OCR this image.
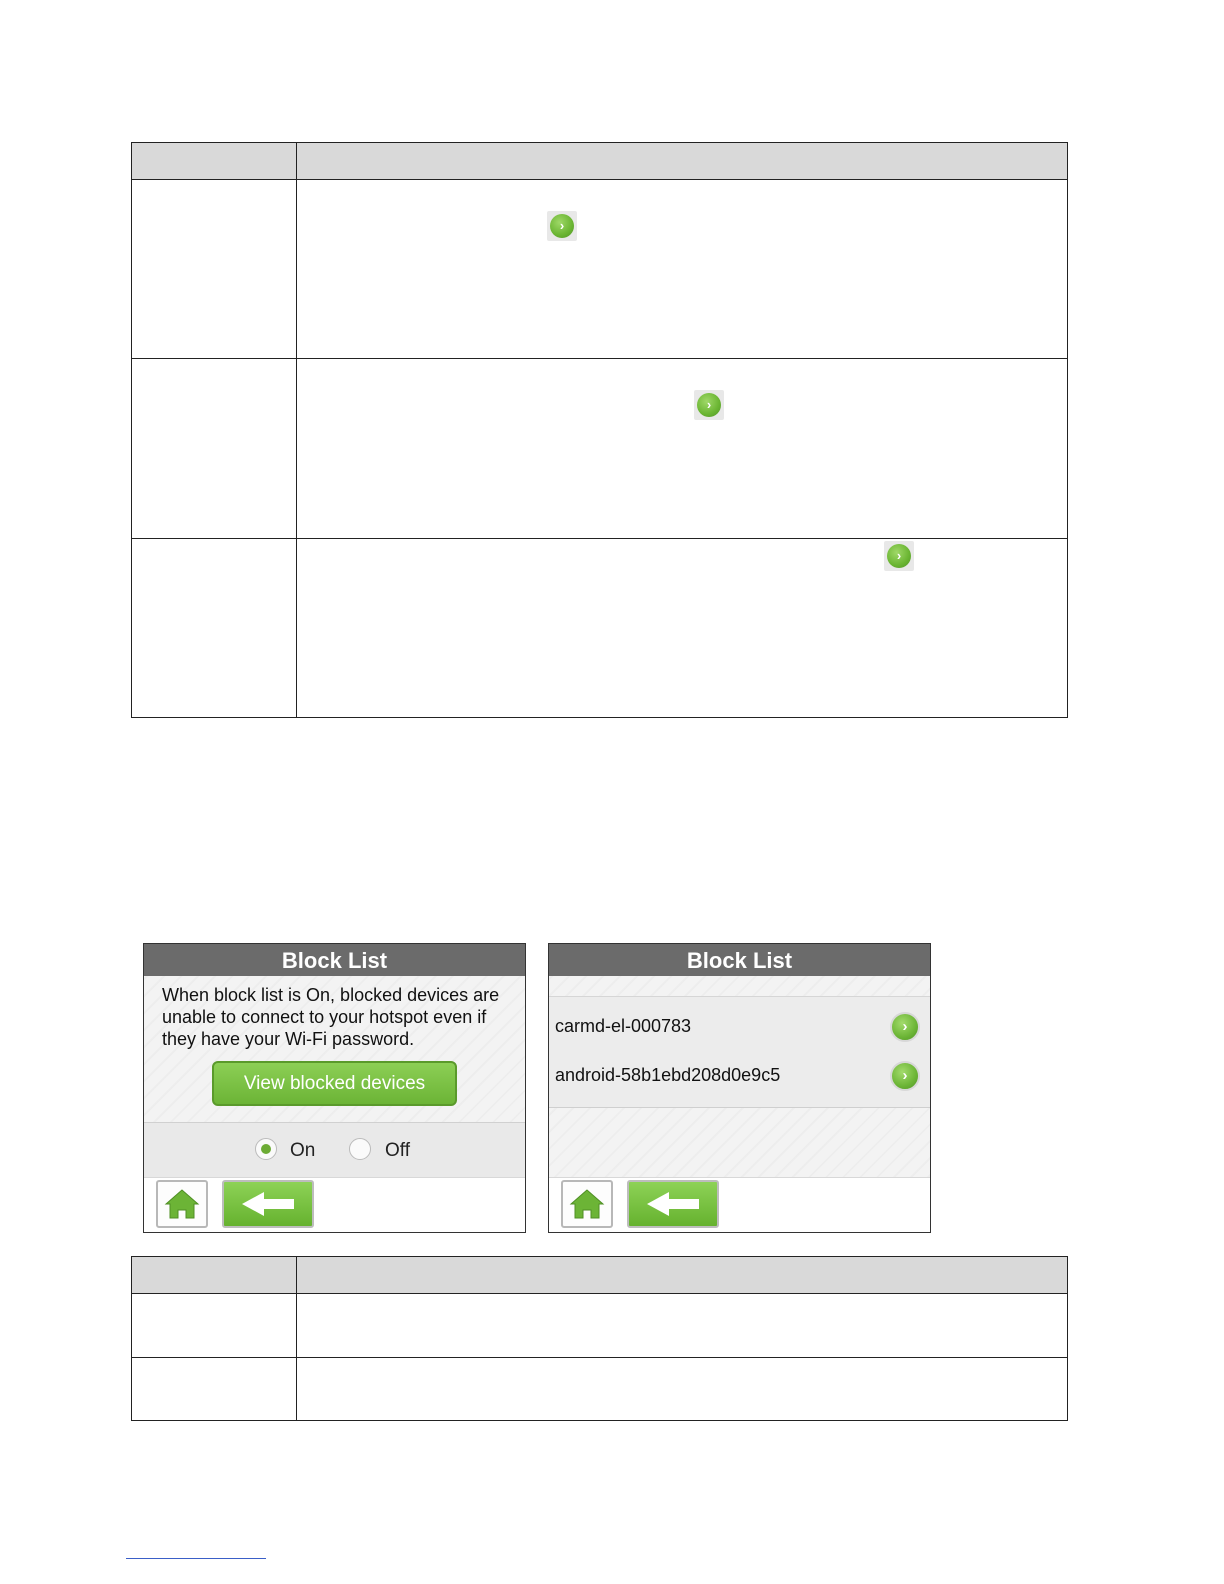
›
›
›
Block List
When block list is On, blocked devices are unable to connect to your hotspot even if they have your Wi-Fi password.
View blocked devices
On	Off
Block List
carmd-el-000783	›
android-58b1ebd208d0e9c5	›
